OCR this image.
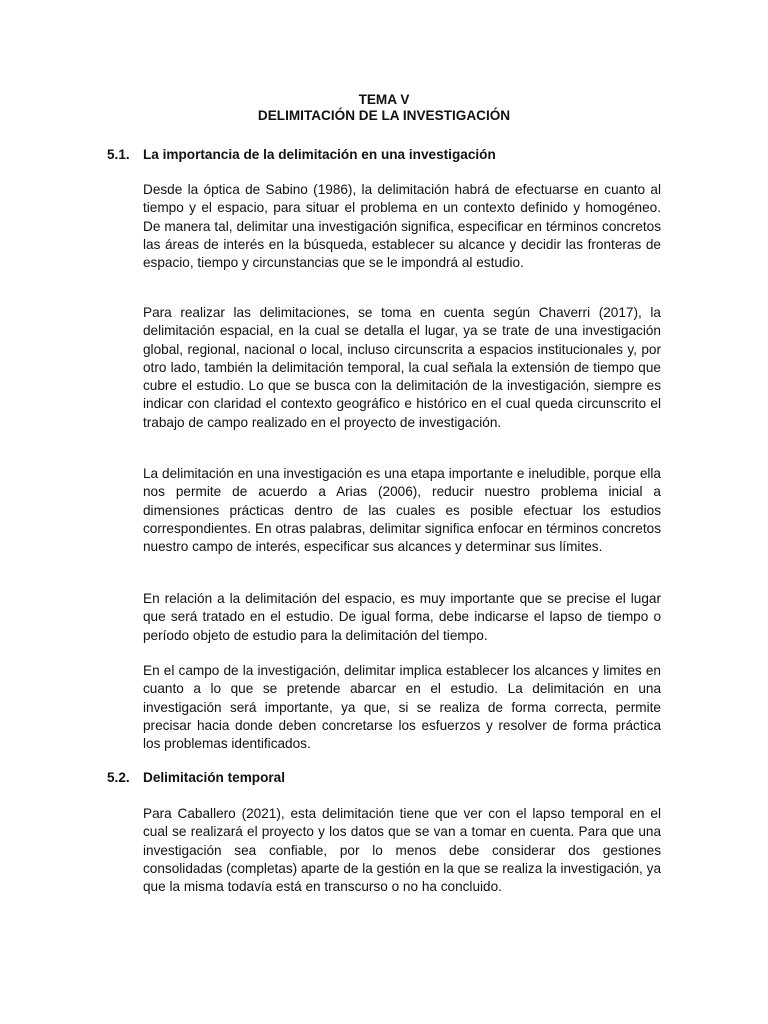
TEMA V
DELIMITACIÓN DE LA INVESTIGACIÓN
5.1. La importancia de la delimitación en una investigación

Desde la óptica de Sabino (1986), la delimitación habrá de efectuarse en cuanto al tiempo y el espacio, para situar el problema en un contexto definido y homogéneo. De manera tal, delimitar una investigación significa, especificar en términos concretos las áreas de interés en la búsqueda, establecer su alcance y decidir las fronteras de espacio, tiempo y circunstancias que se le impondrá al estudio.

Para realizar las delimitaciones, se toma en cuenta según Chaverri (2017), la delimitación espacial, en la cual se detalla el lugar, ya se trate de una investigación global, regional, nacional o local, incluso circunscrita a espacios institucionales y, por otro lado, también la delimitación temporal, la cual señala la extensión de tiempo que cubre el estudio. Lo que se busca con la delimitación de la investigación, siempre es indicar con claridad el contexto geográfico e histórico en el cual queda circunscrito el trabajo de campo realizado en el proyecto de investigación.

La delimitación en una investigación es una etapa importante e ineludible, porque ella nos permite de acuerdo a Arias (2006), reducir nuestro problema inicial a dimensiones prácticas dentro de las cuales es posible efectuar los estudios correspondientes. En otras palabras, delimitar significa enfocar en términos concretos nuestro campo de interés, especificar sus alcances y determinar sus límites.

En relación a la delimitación del espacio, es muy importante que se precise el lugar que será tratado en el estudio. De igual forma, debe indicarse el lapso de tiempo o período objeto de estudio para la delimitación del tiempo.

En el campo de la investigación, delimitar implica establecer los alcances y limites en cuanto a lo que se pretende abarcar en el estudio. La delimitación en una investigación será importante, ya que, si se realiza de forma correcta, permite precisar hacia donde deben concretarse los esfuerzos y resolver de forma práctica los problemas identificados.

5.2. Delimitación temporal

Para Caballero (2021), esta delimitación tiene que ver con el lapso temporal en el cual se realizará el proyecto y los datos que se van a tomar en cuenta. Para que una investigación sea confiable, por lo menos debe considerar dos gestiones consolidadas (completas) aparte de la gestión en la que se realiza la investigación, ya que la misma todavía está en transcurso o no ha concluido.
